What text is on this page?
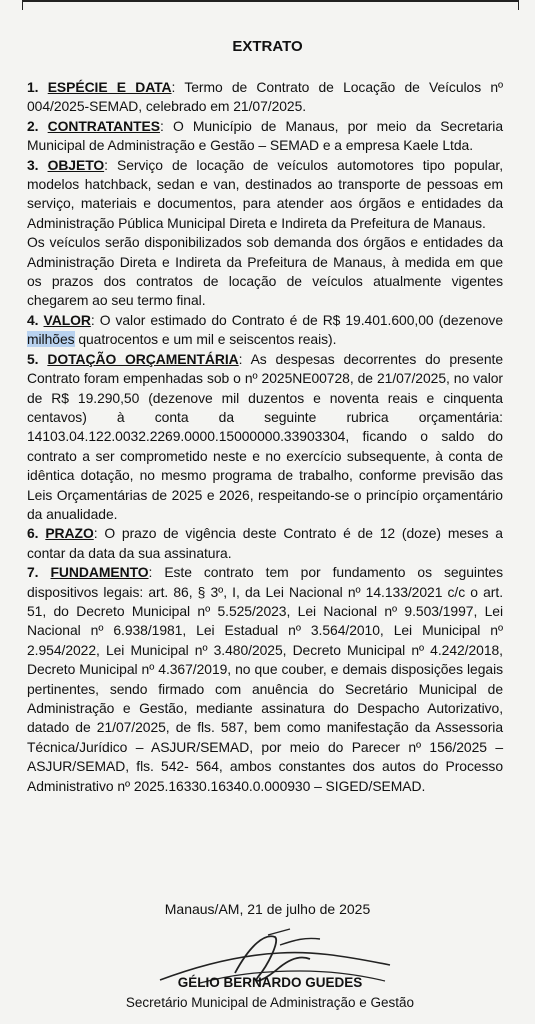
EXTRATO

1. ESPÉCIE E DATA: Termo de Contrato de Locação de Veículos nº 004/2025-SEMAD, celebrado em 21/07/2025.

2. CONTRATANTES: O Município de Manaus, por meio da Secretaria Municipal de Administração e Gestão – SEMAD e a empresa Kaele Ltda.

3. OBJETO: Serviço de locação de veículos automotores tipo popular, modelos hatchback, sedan e van, destinados ao transporte de pessoas em serviço, materiais e documentos, para atender aos órgãos e entidades da Administração Pública Municipal Direta e Indireta da Prefeitura de Manaus.

Os veículos serão disponibilizados sob demanda dos órgãos e entidades da Administração Direta e Indireta da Prefeitura de Manaus, à medida em que os prazos dos contratos de locação de veículos atualmente vigentes chegarem ao seu termo final.

4. VALOR: O valor estimado do Contrato é de R$ 19.401.600,00 (dezenove milhões quatrocentos e um mil e seiscentos reais).

5. DOTAÇÃO ORÇAMENTÁRIA: As despesas decorrentes do presente Contrato foram empenhadas sob o nº 2025NE00728, de 21/07/2025, no valor de R$ 19.290,50 (dezenove mil duzentos e noventa reais e cinquenta centavos) à conta da seguinte rubrica orçamentária: 14103.04.122.0032.2269.0000.15000000.33903304, ficando o saldo do contrato a ser comprometido neste e no exercício subsequente, à conta de idêntica dotação, no mesmo programa de trabalho, conforme previsão das Leis Orçamentárias de 2025 e 2026, respeitando-se o princípio orçamentário da anualidade.

6. PRAZO: O prazo de vigência deste Contrato é de 12 (doze) meses a contar da data da sua assinatura.

7. FUNDAMENTO: Este contrato tem por fundamento os seguintes dispositivos legais: art. 86, § 3º, I, da Lei Nacional nº 14.133/2021 c/c o art. 51, do Decreto Municipal nº 5.525/2023, Lei Nacional nº 9.503/1997, Lei Nacional nº 6.938/1981, Lei Estadual nº 3.564/2010, Lei Municipal nº 2.954/2022, Lei Municipal nº 3.480/2025, Decreto Municipal nº 4.242/2018, Decreto Municipal nº 4.367/2019, no que couber, e demais disposições legais pertinentes, sendo firmado com anuência do Secretário Municipal de Administração e Gestão, mediante assinatura do Despacho Autorizativo, datado de 21/07/2025, de fls. 587, bem como manifestação da Assessoria Técnica/Jurídico – ASJUR/SEMAD, por meio do Parecer nº 156/2025 – ASJUR/SEMAD, fls. 542- 564, ambos constantes dos autos do Processo Administrativo nº 2025.16330.16340.0.000930 – SIGED/SEMAD.

Manaus/AM, 21 de julho de 2025
GÉLIO BERNARDO GUEDES
Secretário Municipal de Administração e Gestão
